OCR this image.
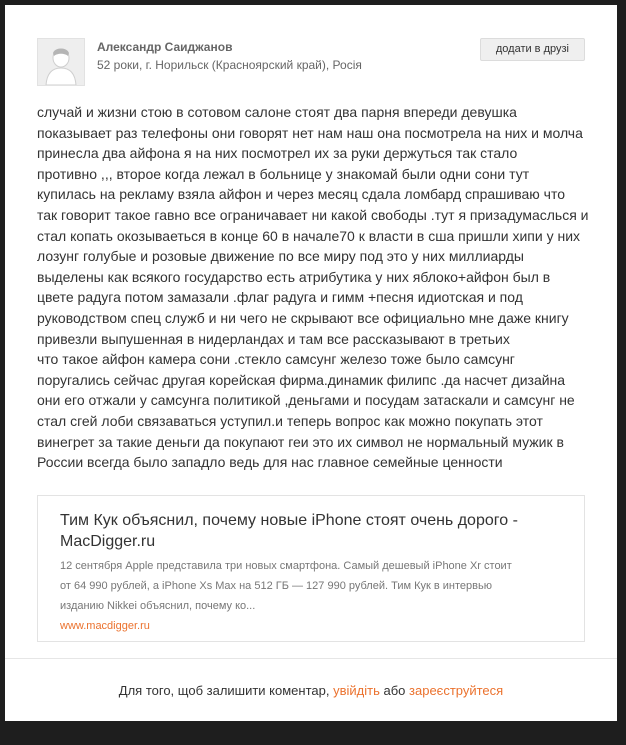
Александр Саиджанов
52 роки, г. Норильск (Красноярский край), Росія
додати в друзі
случай и жизни стою в сотовом салоне стоят два парня впереди девушка
показывает раз телефоны они говорят нет нам наш она посмотрела на них и молча
принесла два айфона я на них посмотрел их за руки держуться так стало
противно ,,, второе когда лежал в больнице у знакомай были одни сони тут
купилась на рекламу взяла айфон и через месяц сдала ломбард спрашиваю что
так говорит такое гавно все ограничавает ни какой свободы .тут я призадумаслься и
стал копать окозываеться в конце 60 в начале70 к власти в сша пришли хипи у них
лозунг голубые и розовые движение по все миру под это у них миллиарды
выделены как всякого государство есть атрибутика у них яблоко+айфон был в
цвете радуга потом замазали .флаг радуга и гимм +песня идиотская и под
руководством спец служб и ни чего не скрывают все официально мне даже книгу
привезли выпушенная в нидерландах и там все рассказывают в третьих
что такое айфон камера сони .стекло самсунг железо тоже было самсунг
поругались сейчас другая корейская фирма.динамик филипс .да насчет дизайна
они его отжали у самсунга политикой ,деньгами и посудам затаскали и самсунг не
стал сгей лоби связаваться уступил.и теперь вопрос как можно покупать этот
винегрет за такие деньги да покупают геи это их символ не нормальный мужик в
России всегда было западло ведь для нас главное семейные ценности
Тим Кук объяснил, почему новые iPhone стоят очень дорого - MacDigger.ru
12 сентября Apple представила три новых смартфона. Самый дешевый iPhone Xr стоит
от 64 990 рублей, а iPhone Xs Max на 512 ГБ — 127 990 рублей. Тим Кук в интервью
изданию Nikkei объяснил, почему ко...
www.macdigger.ru
Для того, щоб залишити коментар, увійдіть або зареєструйтеся
